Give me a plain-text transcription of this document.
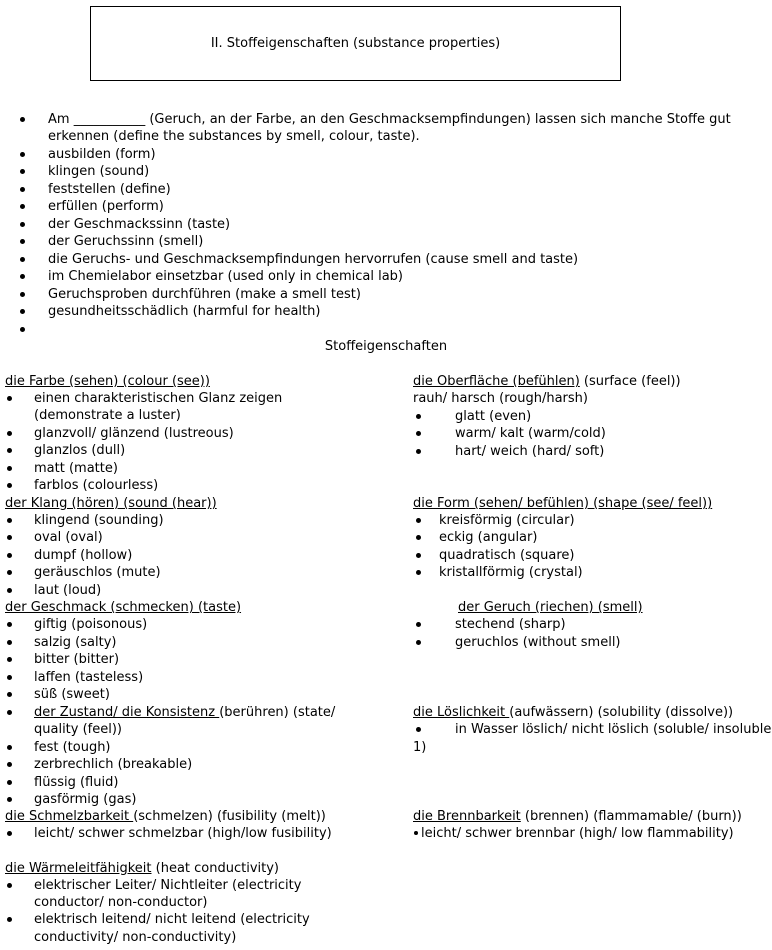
II. Stoffeigenschaften (substance properties)
Am ___________ (Geruch, an der Farbe, an den Geschmacksempfindungen) lassen sich manche Stoffe gut
erkennen (define the substances by smell, colour, taste).
ausbilden (form)
klingen (sound)
feststellen (define)
erfüllen (perform)
der Geschmackssinn (taste)
der Geruchssinn (smell)
die Geruchs- und Geschmacksempfindungen hervorrufen (cause smell and taste)
im Chemielabor einsetzbar (used only in chemical lab)
Geruchsproben durchführen (make a smell test)
gesundheitsschädlich (harmful for health)
Stoffeigenschaften
die Farbe (sehen) (colour (see))
einen charakteristischen Glanz zeigen
(demonstrate a luster)
glanzvoll/ glänzend (lustreous)
glanzlos (dull)
matt (matte)
farblos (colourless)
der Klang (hören) (sound (hear))
klingend (sounding)
oval (oval)
dumpf (hollow)
geräuschlos (mute)
laut (loud)
der Geschmack (schmecken) (taste)
giftig (poisonous)
salzig (salty)
bitter (bitter)
laffen (tasteless)
süß (sweet)
der Zustand/ die Konsistenz (berühren) (state/
quality (feel))
fest (tough)
zerbrechlich (breakable)
flüssig (fluid)
gasförmig (gas)
die Schmelzbarkeit (schmelzen) (fusibility (melt))
leicht/ schwer schmelzbar (high/low fusibility)
die Wärmeleitfähigkeit (heat conductivity)
elektrischer Leiter/ Nichtleiter (electricity
conductor/ non-conductor)
elektrisch leitend/ nicht leitend (electricity
conductivity/ non-conductivity)
die Oberfläche (befühlen) (surface (feel))
rauh/ harsch (rough/harsh)
glatt (even)
warm/ kalt (warm/cold)
hart/ weich (hard/ soft)
die Form (sehen/ befühlen) (shape (see/ feel))
kreisförmig (circular)
eckig (angular)
quadratisch (square)
kristallförmig (crystal)
der Geruch (riechen) (smell)
stechend (sharp)
geruchlos (without smell)
die Löslichkeit (aufwässern) (solubility (dissolve))
in Wasser löslich/ nicht löslich (soluble/ insoluble
1)
die Brennbarkeit (brennen) (flammamable/ (burn))
leicht/ schwer brennbar (high/ low flammability)
